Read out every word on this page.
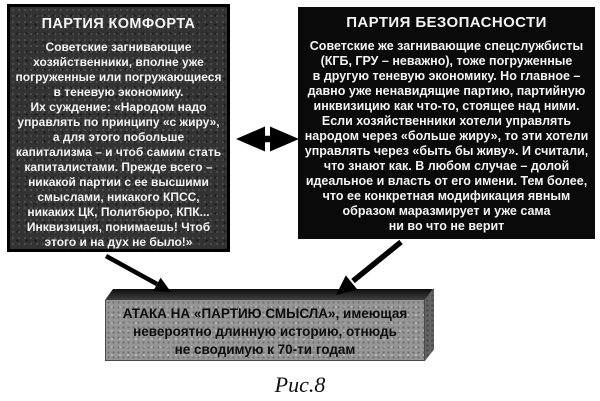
ПАРТИЯ КОМФОРТА
Советские загнивающие
хозяйственники, вполне уже
погруженные или погружающиеся
в теневую экономику.
Их суждение: «Народом надо
управлять по принципу «с жиру»,
а для этого побольше
капитализма – и чтоб самим стать
капиталистами. Прежде всего –
никакой партии с ее высшими
смыслами, никакого КПСС,
никаких ЦК, Политбюро, КПК...
Инквизиция, понимаешь! Чтоб
этого и на дух не было!»
ПАРТИЯ БЕЗОПАСНОСТИ
Советские же загнивающие спецслужбисты
(КГБ, ГРУ – неважно), тоже погруженные
в другую теневую экономику. Но главное –
давно уже ненавидящие партию, партийную
инквизицию как что-то, стоящее над ними.
Если хозяйственники хотели управлять
народом через «больше жиру», то эти хотели
управлять через «быть бы живу». И считали,
что знают как. В любом случае – долой
идеальное и власть от его имени. Тем более,
что ее конкретная модификация явным
образом маразмирует и уже сама
ни во что не верит
АТАКА НА «ПАРТИЮ СМЫСЛА», имеющая
невероятно длинную историю, отнюдь
не сводимую к 70-ти годам
Рис.8
